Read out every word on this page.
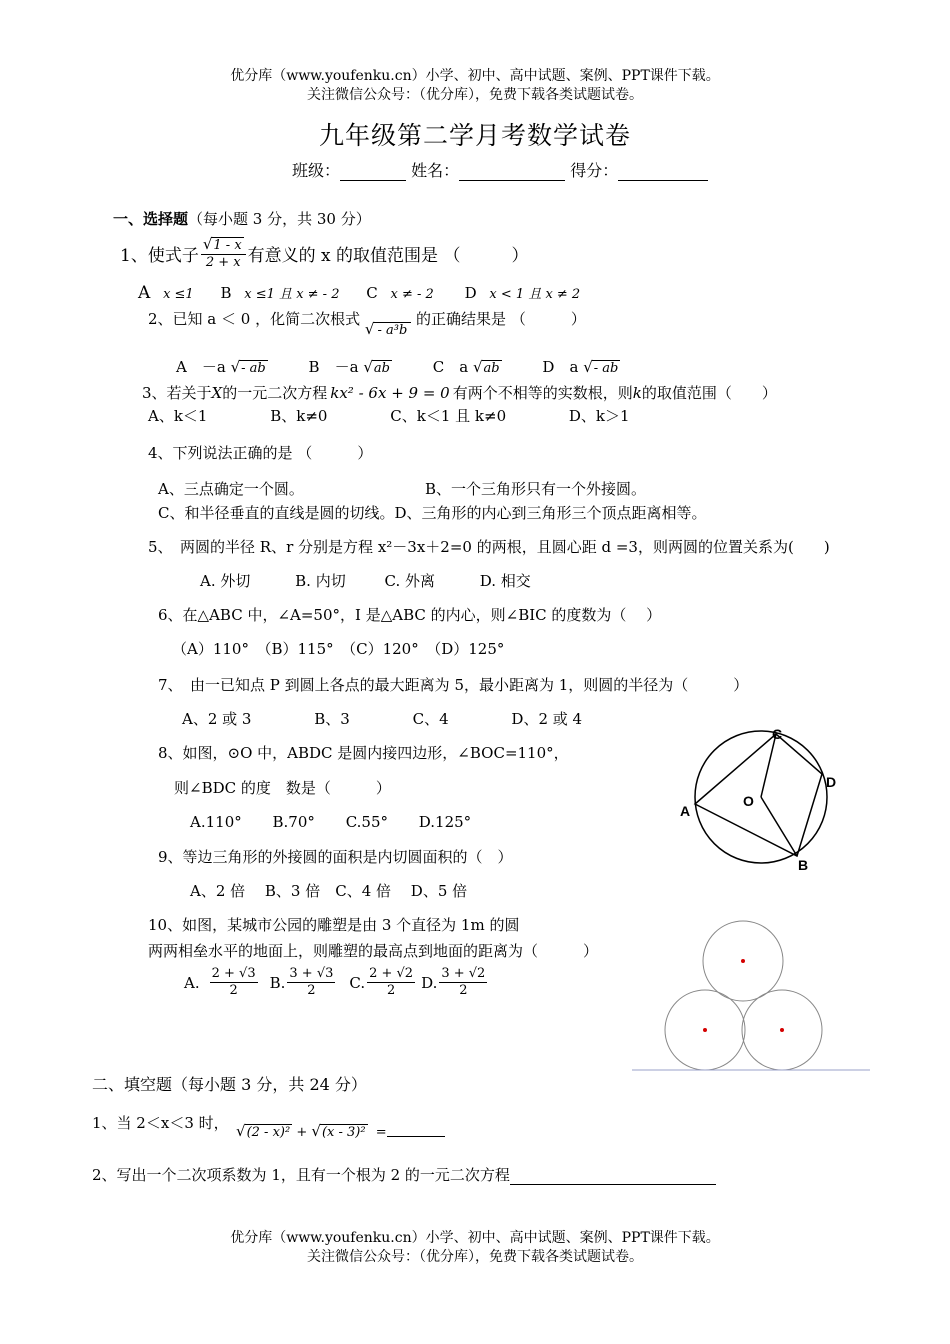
优分库（www.youfenku.cn）小学、初中、高中试题、案例、PPT课件下载。
关注微信公众号：（优分库），免费下载各类试题试卷。
九年级第二学月考数学试卷
班级：	姓名：	得分：
一、选择题（每小题 3 分，共 30 分）
1、使式子 $\frac{√1 - x}{2 + x}$ 有意义的 x 的取值范围是 （　　　）
A x ≤1 B x ≤1 且 x ≠ - 2 C x ≠ - 2 D x < 1 且 x ≠ 2
2、已知 a ＜ 0 ，化简二次根式 √ - a³b 的正确结果是 （　　　）
A　 －a √- ab	B　 －a √ab	C　 a √ab	D　 a √- ab
3、若关于X的一元二次方程 kx² - 6x + 9 = 0 有两个不相等的实数根，则k的取值范围（　　）
A、k＜1	B、k≠0	C、k＜1 且 k≠0	D、k＞1
4、下列说法正确的是 （　　　）
A、三点确定一个圆。	B、一个三角形只有一个外接圆。
C、和半径垂直的直线是圆的切线。D、三角形的内心到三角形三个顶点距离相等。
5、　两圆的半径 R、r 分别是方程 x²－3x＋2=0 的两根，且圆心距 d =3，则两圆的位置关系为(　　)
A. 外切	B. 内切	C. 外离	D. 相交
6、在△ABC 中，∠A=50°，I 是△ABC 的内心，则∠BIC 的度数为（　 ）
（A）110°　（B）115°　（C）120°　（D）125°
7、　由一已知点 P 到圆上各点的最大距离为 5，最小距离为 1，则圆的半径为（　　　）
A、2 或 3	B、3	C、4	D、2 或 4
8、如图，⊙O 中，ABDC 是圆内接四边形，∠BOC=110°，
则∠BDC 的度　数是（　　　）
A.110° B.70° C.55° D.125°
A
C
D
B
O
9、等边三角形的外接圆的面积是内切圆面积的（　）
A、2 倍　 B、3 倍　C、4 倍　 D、5 倍
10、如图，某城市公园的雕塑是由 3 个直径为 1m 的圆
两两相垒水平的地面上，则雕塑的最高点到地面的距离为（　　　）
A. $\frac{2 + √3}{2} B$. $\frac{3 + √3}{2} C$. $\frac{2 + √2}{2} D$. $\frac{3 + √2}{2}$
二、填空题（每小题 3 分，共 24 分）
1、当 2＜x＜3 时， √(2 - x)² + √(x - 3)² =
2、写出一个二次项系数为 1，且有一个根为 2 的一元二次方程
优分库（www.youfenku.cn）小学、初中、高中试题、案例、PPT课件下载。
关注微信公众号：（优分库），免费下载各类试题试卷。
